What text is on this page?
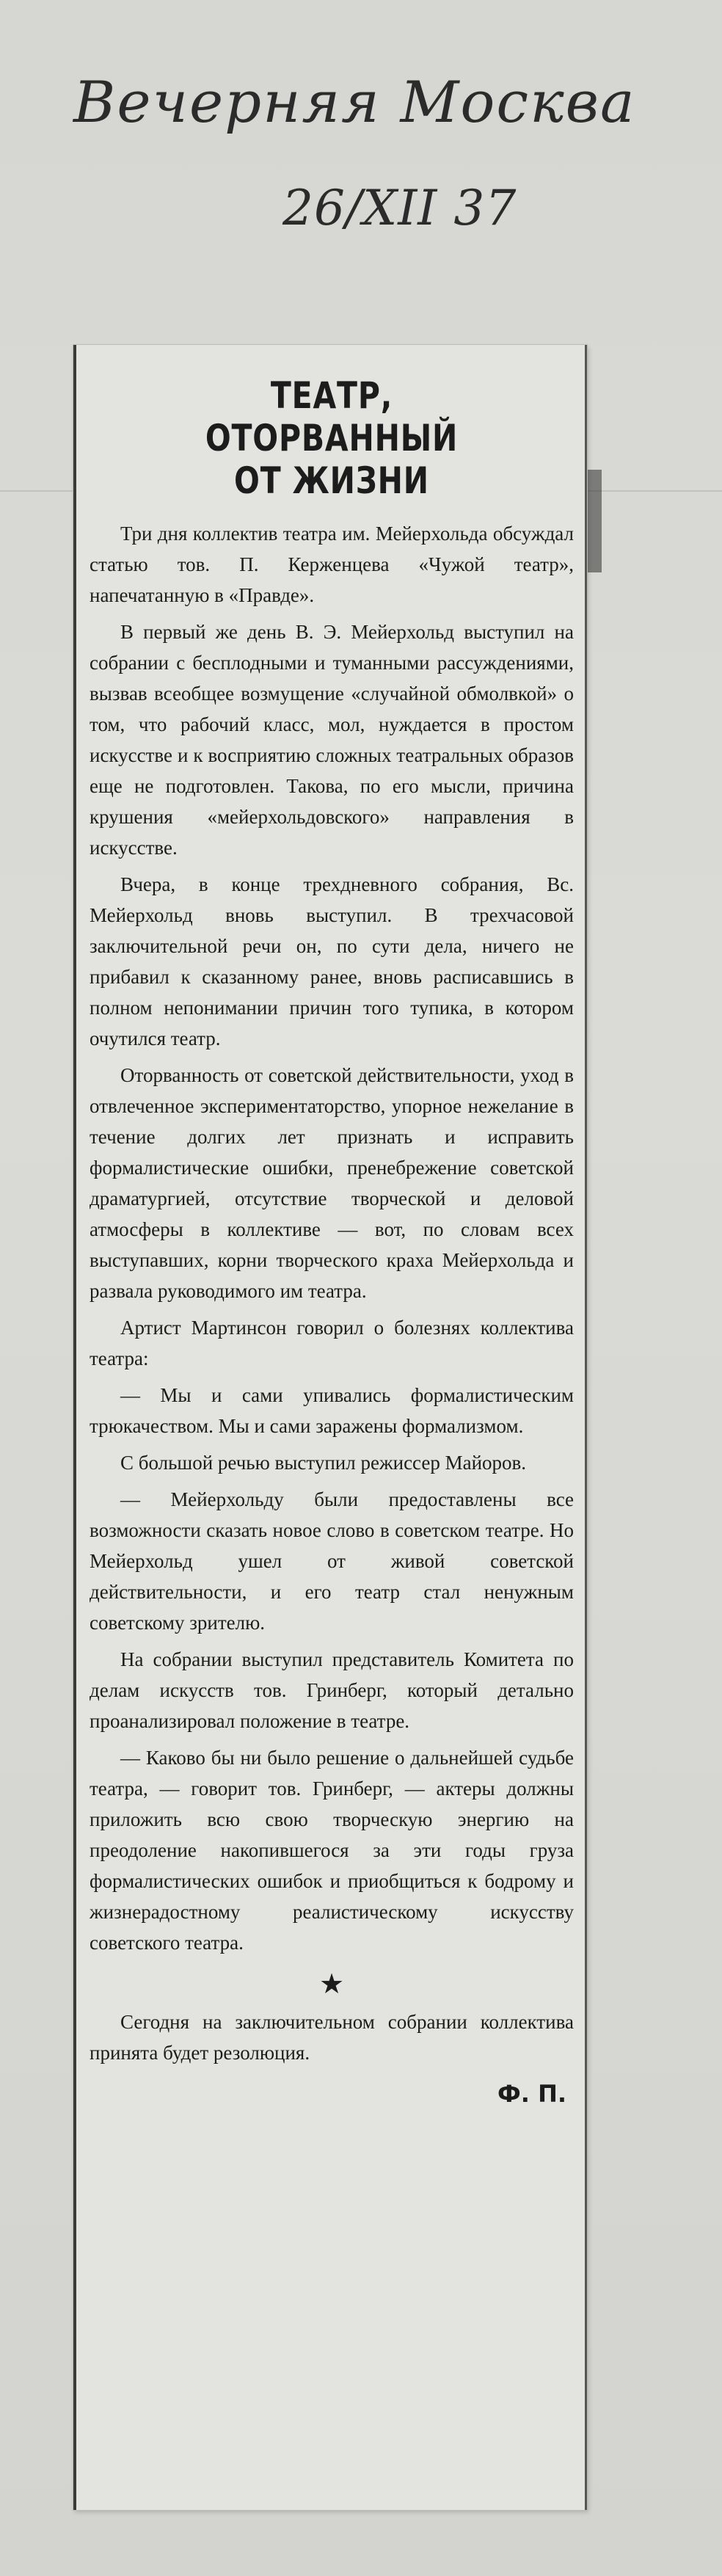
Вечерняя Москва
26/XII 37
ТЕАТР,
ОТОРВАННЫЙ
ОТ ЖИЗНИ

Три дня коллектив театра им. Мейерхольда обсуждал статью тов. П. Керженцева «Чужой театр», напечатанную в «Правде».

В первый же день В. Э. Мейерхольд выступил на собрании с бесплодными и туманными рассуждениями, вызвав всеобщее возмущение «случайной обмолвкой» о том, что рабочий класс, мол, нуждается в простом искусстве и к восприятию сложных театральных образов еще не подготовлен. Такова, по его мысли, причина крушения «мейерхольдовского» направления в искусстве.

Вчера, в конце трехдневного собрания, Вс. Мейерхольд вновь выступил. В трехчасовой заключительной речи он, по сути дела, ничего не прибавил к сказанному ранее, вновь расписавшись в полном непонимании причин того тупика, в котором очутился театр.

Оторванность от советской действительности, уход в отвлеченное экспериментаторство, упорное нежелание в течение долгих лет признать и исправить формалистические ошибки, пренебрежение советской драматургией, отсутствие творческой и деловой атмосферы в коллективе — вот, по словам всех выступавших, корни творческого краха Мейерхольда и развала руководимого им театра.

Артист Мартинсон говорил о болезнях коллектива театра:

— Мы и сами упивались формалистическим трюкачеством. Мы и сами заражены формализмом.

С большой речью выступил режиссер Майоров.

— Мейерхольду были предоставлены все возможности сказать новое слово в советском театре. Но Мейерхольд ушел от живой советской действительности, и его театр стал ненужным советскому зрителю.

На собрании выступил представитель Комитета по делам искусств тов. Гринберг, который детально проанализировал положение в театре.

— Каково бы ни было решение о дальнейшей судьбе театра, — говорит тов. Гринберг, — актеры должны приложить всю свою творческую энергию на преодоление накопившегося за эти годы груза формалистических ошибок и приобщиться к бодрому и жизнерадостному реалистическому искусству советского театра.

★

Сегодня на заключительном собрании коллектива принята будет резолюция.

Ф. П.
